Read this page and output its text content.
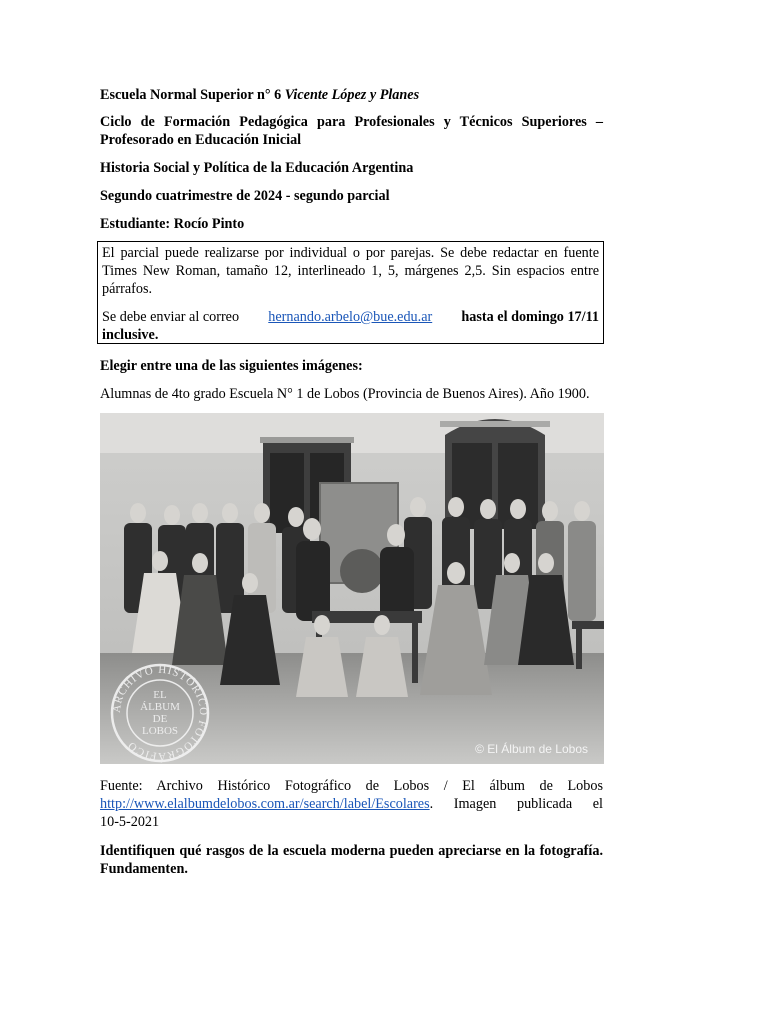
Escuela Normal Superior n° 6 Vicente López y Planes

Ciclo de Formación Pedagógica para Profesionales y Técnicos Superiores –

Profesorado en Educación Inicial

Historia Social y Política de la Educación Argentina

Segundo cuatrimestre de 2024 - segundo parcial

Estudiante: Rocío Pinto

El parcial puede realizarse por individual o por parejas. Se debe redactar en fuente

Times New Roman, tamaño 12, interlineado 1, 5, márgenes 2,5. Sin espacios entre

párrafos.

Se debe enviar al correo hernando.arbelo@bue.edu.ar hasta el domingo 17/11

inclusive.

Elegir entre una de las siguientes imágenes:

Alumnas de 4to grado Escuela N° 1 de Lobos (Provincia de Buenos Aires). Año 1900.

ARCHIVO HISTÓRICO FOTOGRÁFICO
EL
ÁLBUM
DE
LOBOS
© El Álbum de Lobos

Fuente: Archivo Histórico Fotográfico de Lobos / El álbum de Lobos

http://www.elalbumdelobos.com.ar/search/label/Escolares. Imagen publicada el

10-5-2021

Identifiquen qué rasgos de la escuela moderna pueden apreciarse en la fotografía.

Fundamenten.
